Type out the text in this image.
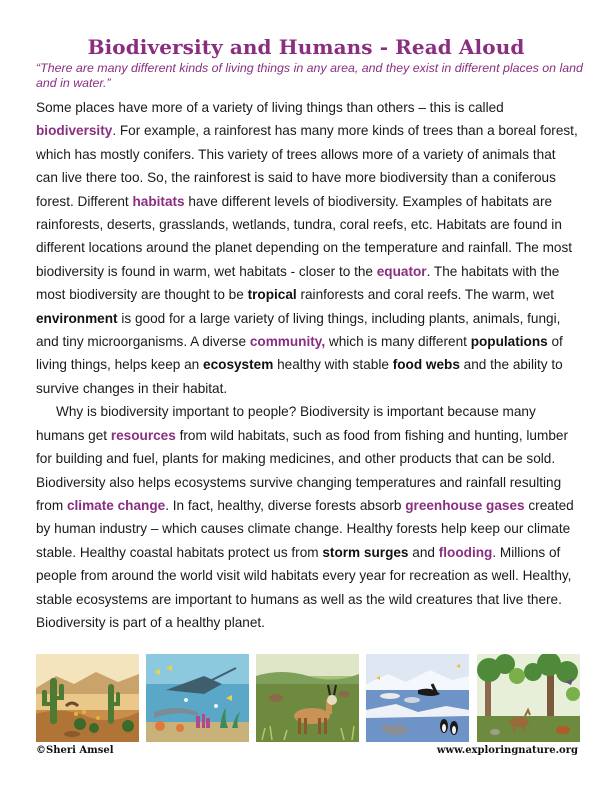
Biodiversity and Humans - Read Aloud

“There are many different kinds of living things in any area, and they exist in different places on land and in water.”

Some places have more of a variety of living things than others – this is called biodiversity. For example, a rainforest has many more kinds of trees than a boreal forest, which has mostly conifers. This variety of trees allows more of a variety of animals that can live there too. So, the rainforest is said to have more biodiversity than a coniferous forest. Different habitats have different levels of biodiversity. Examples of habitats are rainforests, deserts, grasslands, wetlands, tundra, coral reefs, etc. Habitats are found in different locations around the planet depending on the temperature and rainfall. The most biodiversity is found in warm, wet habitats - closer to the equator. The habitats with the most biodiversity are thought to be tropical rainforests and coral reefs. The warm, wet environment is good for a large variety of living things, including plants, animals, fungi, and tiny microorganisms. A diverse community, which is many different populations of living things, helps keep an ecosystem healthy with stable food webs and the ability to survive changes in their habitat.

Why is biodiversity important to people? Biodiversity is important because many humans get resources from wild habitats, such as food from fishing and hunting, lumber for building and fuel, plants for making medicines, and other products that can be sold. Biodiversity also helps ecosystems survive changing temperatures and rainfall resulting from climate change. In fact, healthy, diverse forests absorb greenhouse gases created by human industry – which causes climate change. Healthy forests help keep our climate stable. Healthy coastal habitats protect us from storm surges and flooding. Millions of people from around the world visit wild habitats every year for recreation as well. Healthy, stable ecosystems are important to humans as well as the wild creatures that live there. Biodiversity is part of a healthy planet.

©Sheri Amsel	www.exploringnature.org
